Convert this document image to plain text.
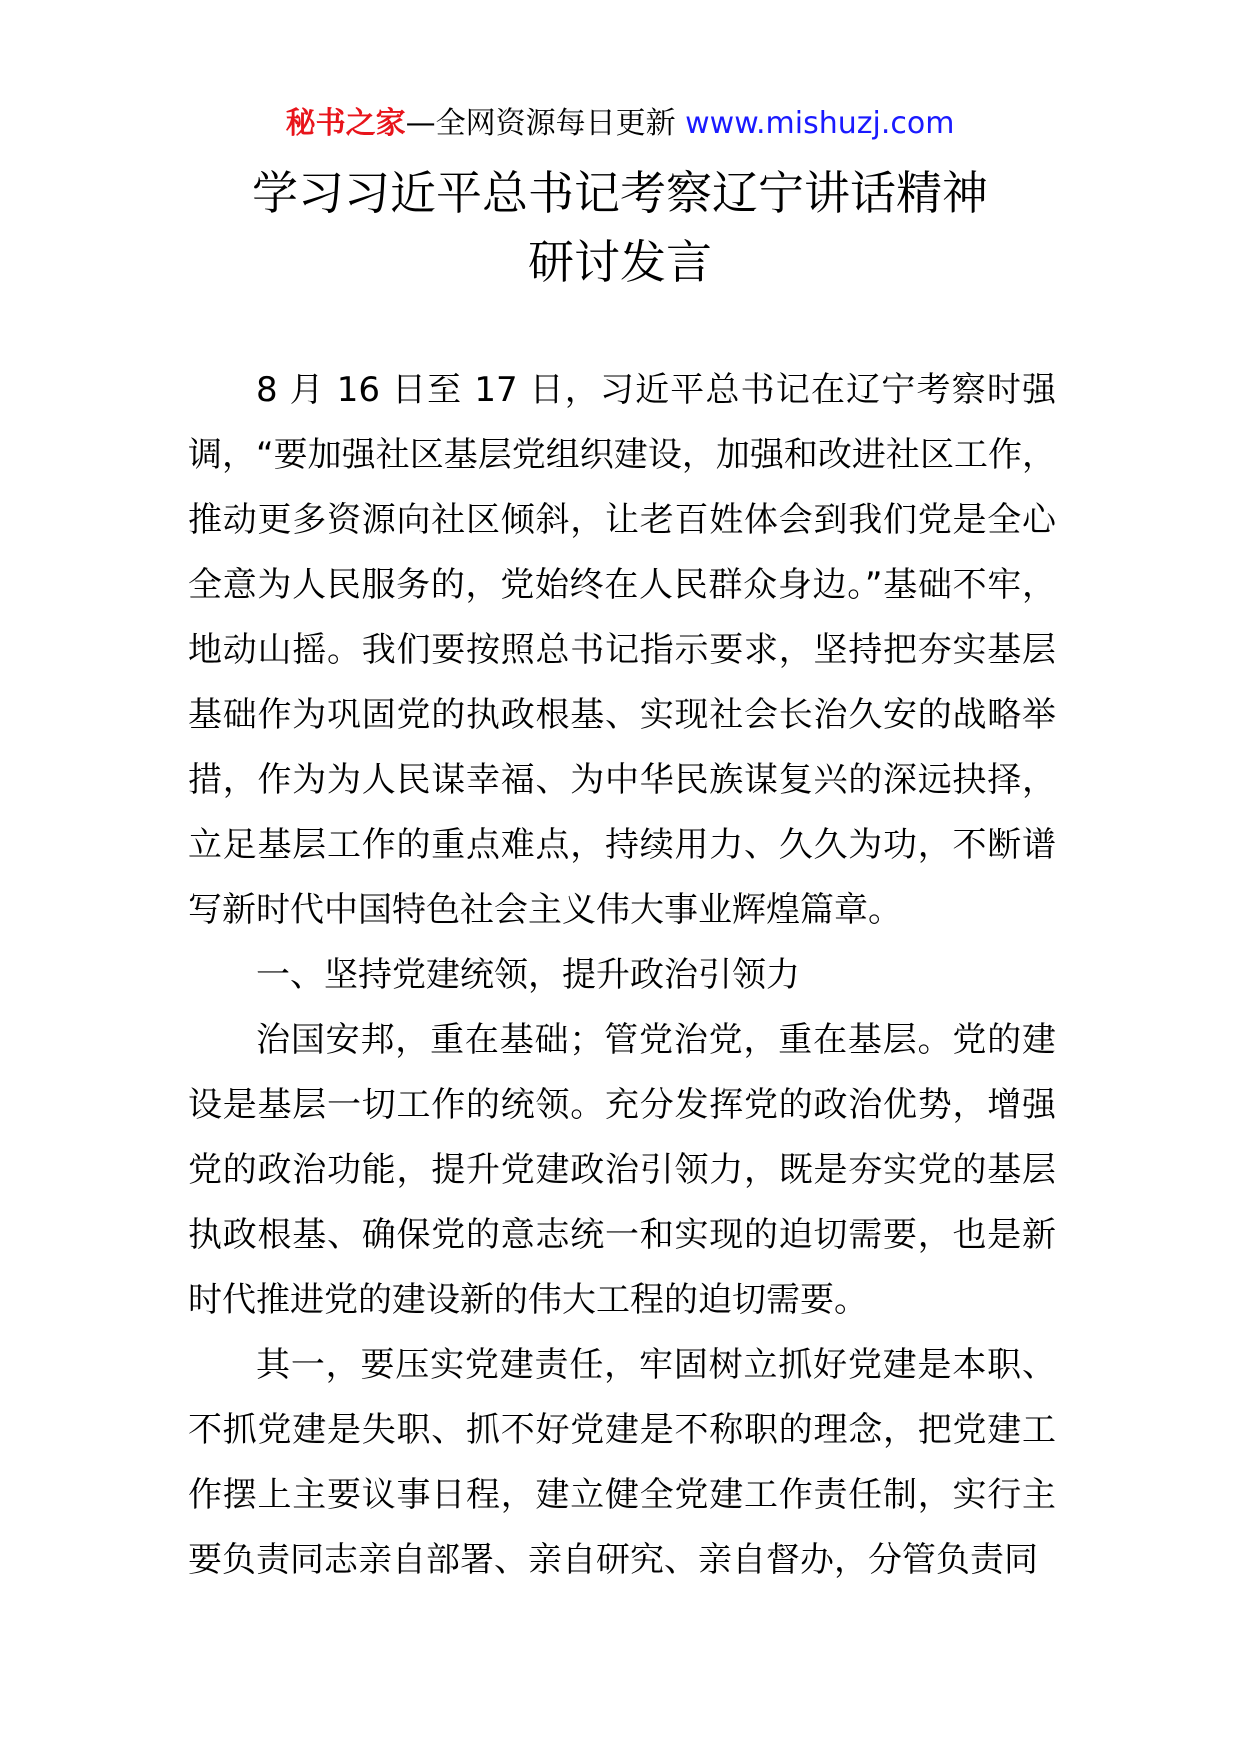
秘书之家—全网资源每日更新 www.mishuzj.com
学习习近平总书记考察辽宁讲话精神
研讨发言

8 月 16 日至 17 日，习近平总书记在辽宁考察时强调，“要加强社区基层党组织建设，加强和改进社区工作，推动更多资源向社区倾斜，让老百姓体会到我们党是全心全意为人民服务的，党始终在人民群众身边。”基础不牢，地动山摇。我们要按照总书记指示要求，坚持把夯实基层基础作为巩固党的执政根基、实现社会长治久安的战略举措，作为为人民谋幸福、为中华民族谋复兴的深远抉择，立足基层工作的重点难点，持续用力、久久为功，不断谱写新时代中国特色社会主义伟大事业辉煌篇章。

一、坚持党建统领，提升政治引领力

治国安邦，重在基础；管党治党，重在基层。党的建设是基层一切工作的统领。充分发挥党的政治优势，增强党的政治功能，提升党建政治引领力，既是夯实党的基层执政根基、确保党的意志统一和实现的迫切需要，也是新时代推进党的建设新的伟大工程的迫切需要。

其一，要压实党建责任，牢固树立抓好党建是本职、不抓党建是失职、抓不好党建是不称职的理念，把党建工作摆上主要议事日程，建立健全党建工作责任制，实行主要负责同志亲自部署、亲自研究、亲自督办，分管负责同
